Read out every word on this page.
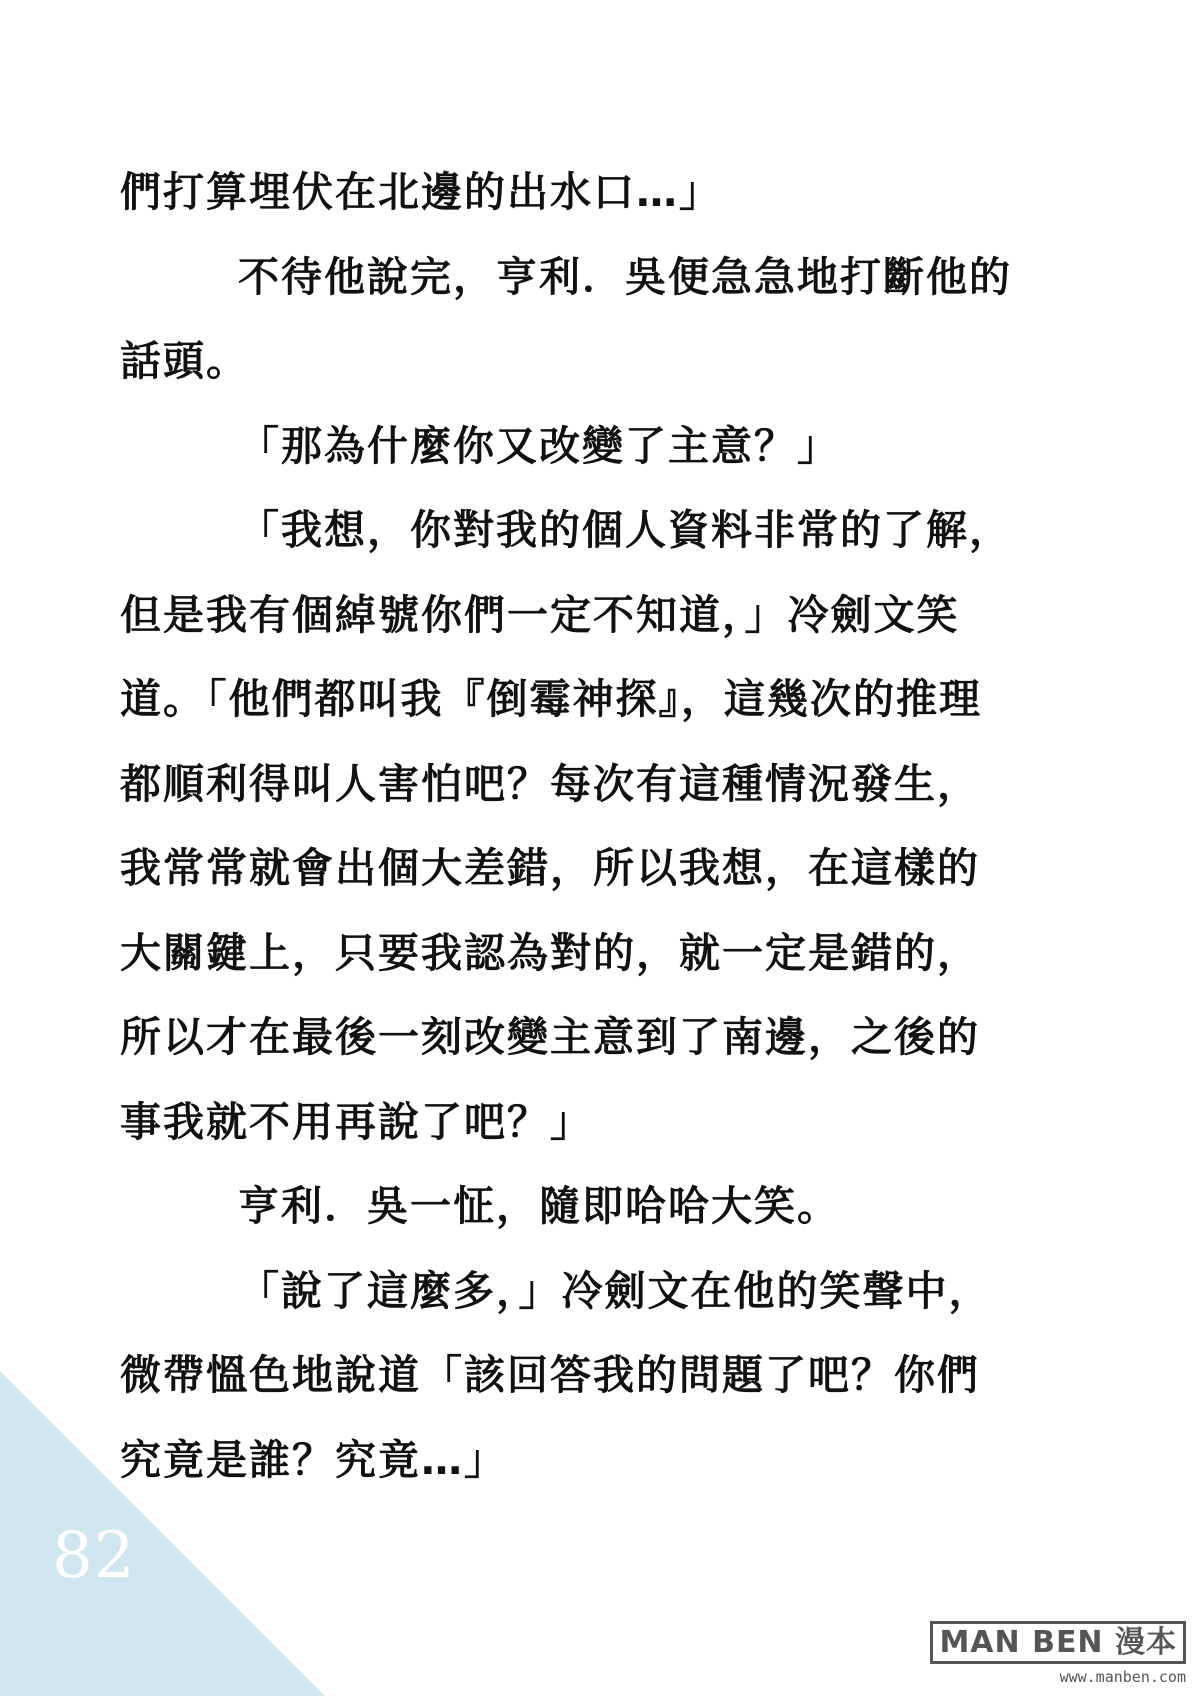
82
們打算埋伏在北邊的出水口…」
不待他說完，亨利．吳便急急地打斷他的
話頭。
「那為什麼你又改變了主意？」
「我想，你對我的個人資料非常的了解，
但是我有個綽號你們一定不知道，」冷劍文笑
道。「他們都叫我『倒霉神探』，這幾次的推理
都順利得叫人害怕吧？每次有這種情況發生，
我常常就會出個大差錯，所以我想，在這樣的
大關鍵上，只要我認為對的，就一定是錯的，
所以才在最後一刻改變主意到了南邊，之後的
事我就不用再說了吧？」
亨利．吳一怔，隨即哈哈大笑。
「說了這麼多，」冷劍文在他的笑聲中，
微帶慍色地說道「該回答我的問題了吧？你們
究竟是誰？究竟…」
MAN BEN 漫本
www.manben.com
